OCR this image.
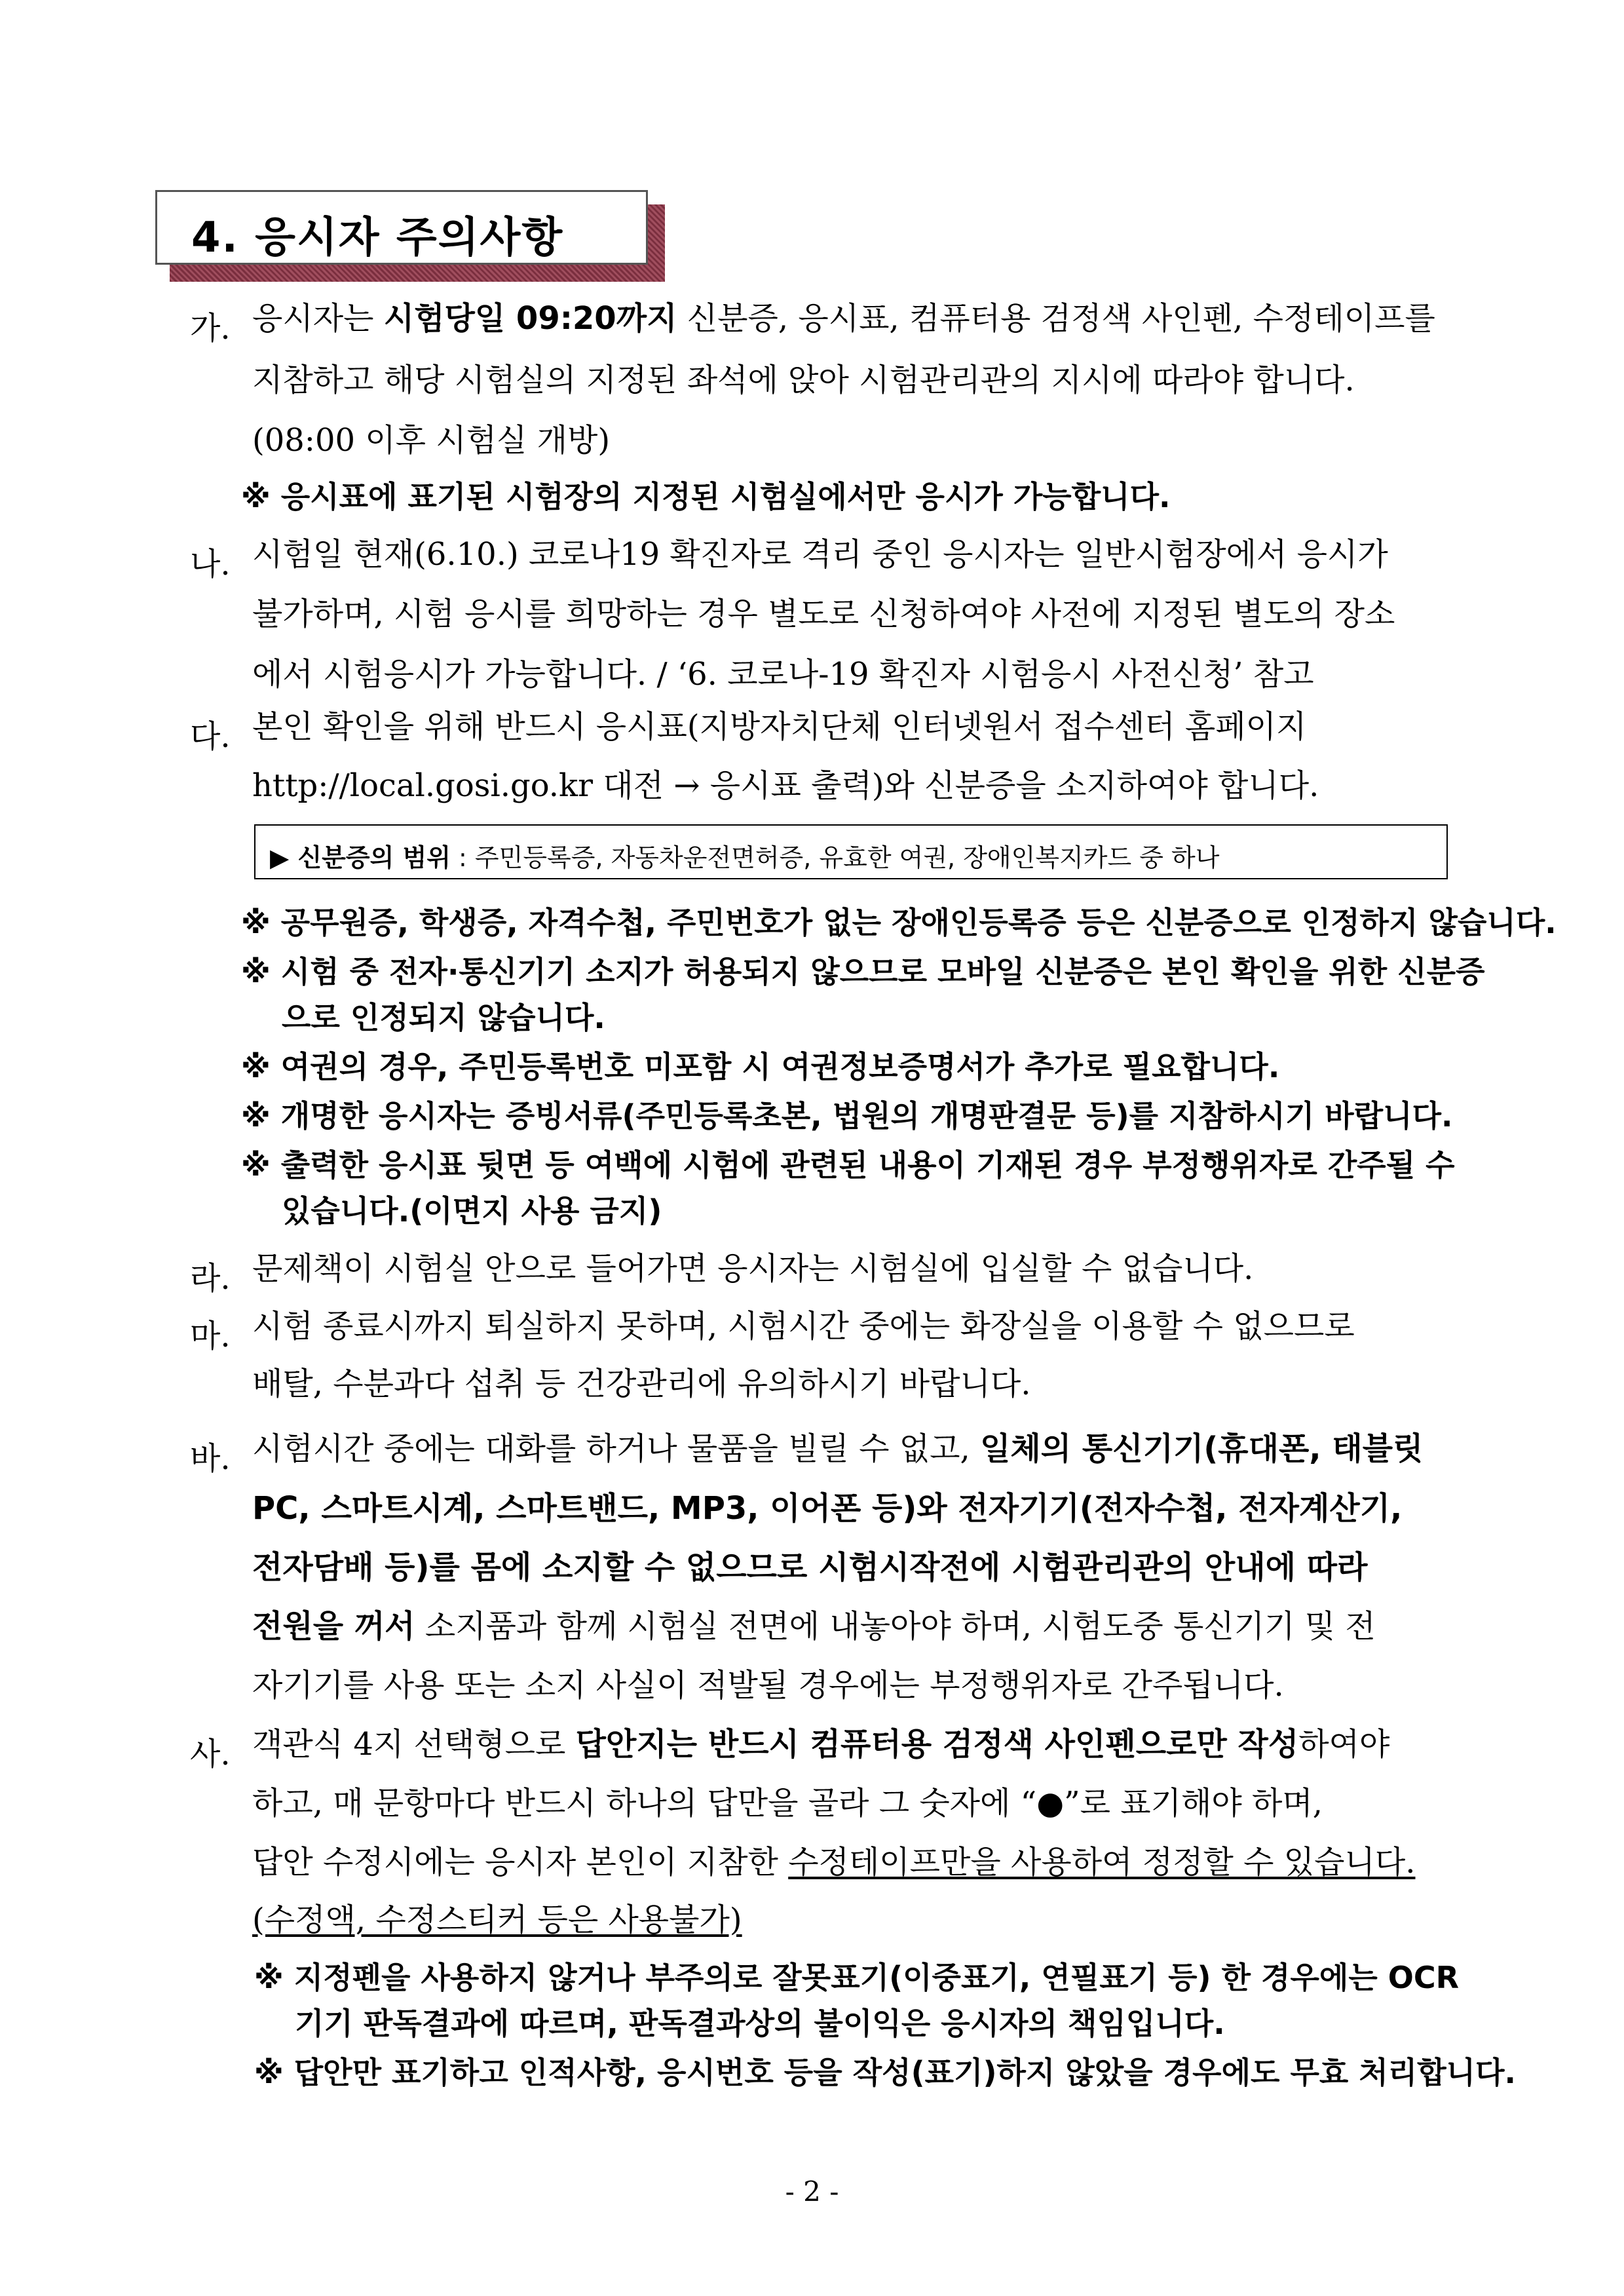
4. 응시자 주의사항
가. 응시자는 시험당일 09:20까지 신분증, 응시표, 컴퓨터용 검정색 사인펜, 수정테이프를
지참하고 해당 시험실의 지정된 좌석에 앉아 시험관리관의 지시에 따라야 합니다.
(08:00 이후 시험실 개방)
※ 응시표에 표기된 시험장의 지정된 시험실에서만 응시가 가능합니다.
나. 시험일 현재(6.10.) 코로나19 확진자로 격리 중인 응시자는 일반시험장에서 응시가
불가하며, 시험 응시를 희망하는 경우 별도로 신청하여야 사전에 지정된 별도의 장소
에서 시험응시가 가능합니다. / ‘6. 코로나-19 확진자 시험응시 사전신청’ 참고
다. 본인 확인을 위해 반드시 응시표(지방자치단체 인터넷원서 접수센터 홈페이지
http://local.gosi.go.kr 대전 → 응시표 출력)와 신분증을 소지하여야 합니다.
▶ 신분증의 범위 : 주민등록증, 자동차운전면허증, 유효한 여권, 장애인복지카드 중 하나
※ 공무원증, 학생증, 자격수첩, 주민번호가 없는 장애인등록증 등은 신분증으로 인정하지 않습니다.
※ 시험 중 전자·통신기기 소지가 허용되지 않으므로 모바일 신분증은 본인 확인을 위한 신분증
으로 인정되지 않습니다.
※ 여권의 경우, 주민등록번호 미포함 시 여권정보증명서가 추가로 필요합니다.
※ 개명한 응시자는 증빙서류(주민등록초본, 법원의 개명판결문 등)를 지참하시기 바랍니다.
※ 출력한 응시표 뒷면 등 여백에 시험에 관련된 내용이 기재된 경우 부정행위자로 간주될 수
있습니다.(이면지 사용 금지)
라. 문제책이 시험실 안으로 들어가면 응시자는 시험실에 입실할 수 없습니다.
마. 시험 종료시까지 퇴실하지 못하며, 시험시간 중에는 화장실을 이용할 수 없으므로
배탈, 수분과다 섭취 등 건강관리에 유의하시기 바랍니다.
바. 시험시간 중에는 대화를 하거나 물품을 빌릴 수 없고, 일체의 통신기기(휴대폰, 태블릿
PC, 스마트시계, 스마트밴드, MP3, 이어폰 등)와 전자기기(전자수첩, 전자계산기,
전자담배 등)를 몸에 소지할 수 없으므로 시험시작전에 시험관리관의 안내에 따라
전원을 꺼서 소지품과 함께 시험실 전면에 내놓아야 하며, 시험도중 통신기기 및 전
자기기를 사용 또는 소지 사실이 적발될 경우에는 부정행위자로 간주됩니다.
사. 객관식 4지 선택형으로 답안지는 반드시 컴퓨터용 검정색 사인펜으로만 작성하여야
하고, 매 문항마다 반드시 하나의 답만을 골라 그 숫자에 “●”로 표기해야 하며,
답안 수정시에는 응시자 본인이 지참한 수정테이프만을 사용하여 정정할 수 있습니다.
(수정액, 수정스티커 등은 사용불가)
※ 지정펜을 사용하지 않거나 부주의로 잘못표기(이중표기, 연필표기 등) 한 경우에는 OCR
기기 판독결과에 따르며, 판독결과상의 불이익은 응시자의 책임입니다.
※ 답안만 표기하고 인적사항, 응시번호 등을 작성(표기)하지 않았을 경우에도 무효 처리합니다.
- 2 -
